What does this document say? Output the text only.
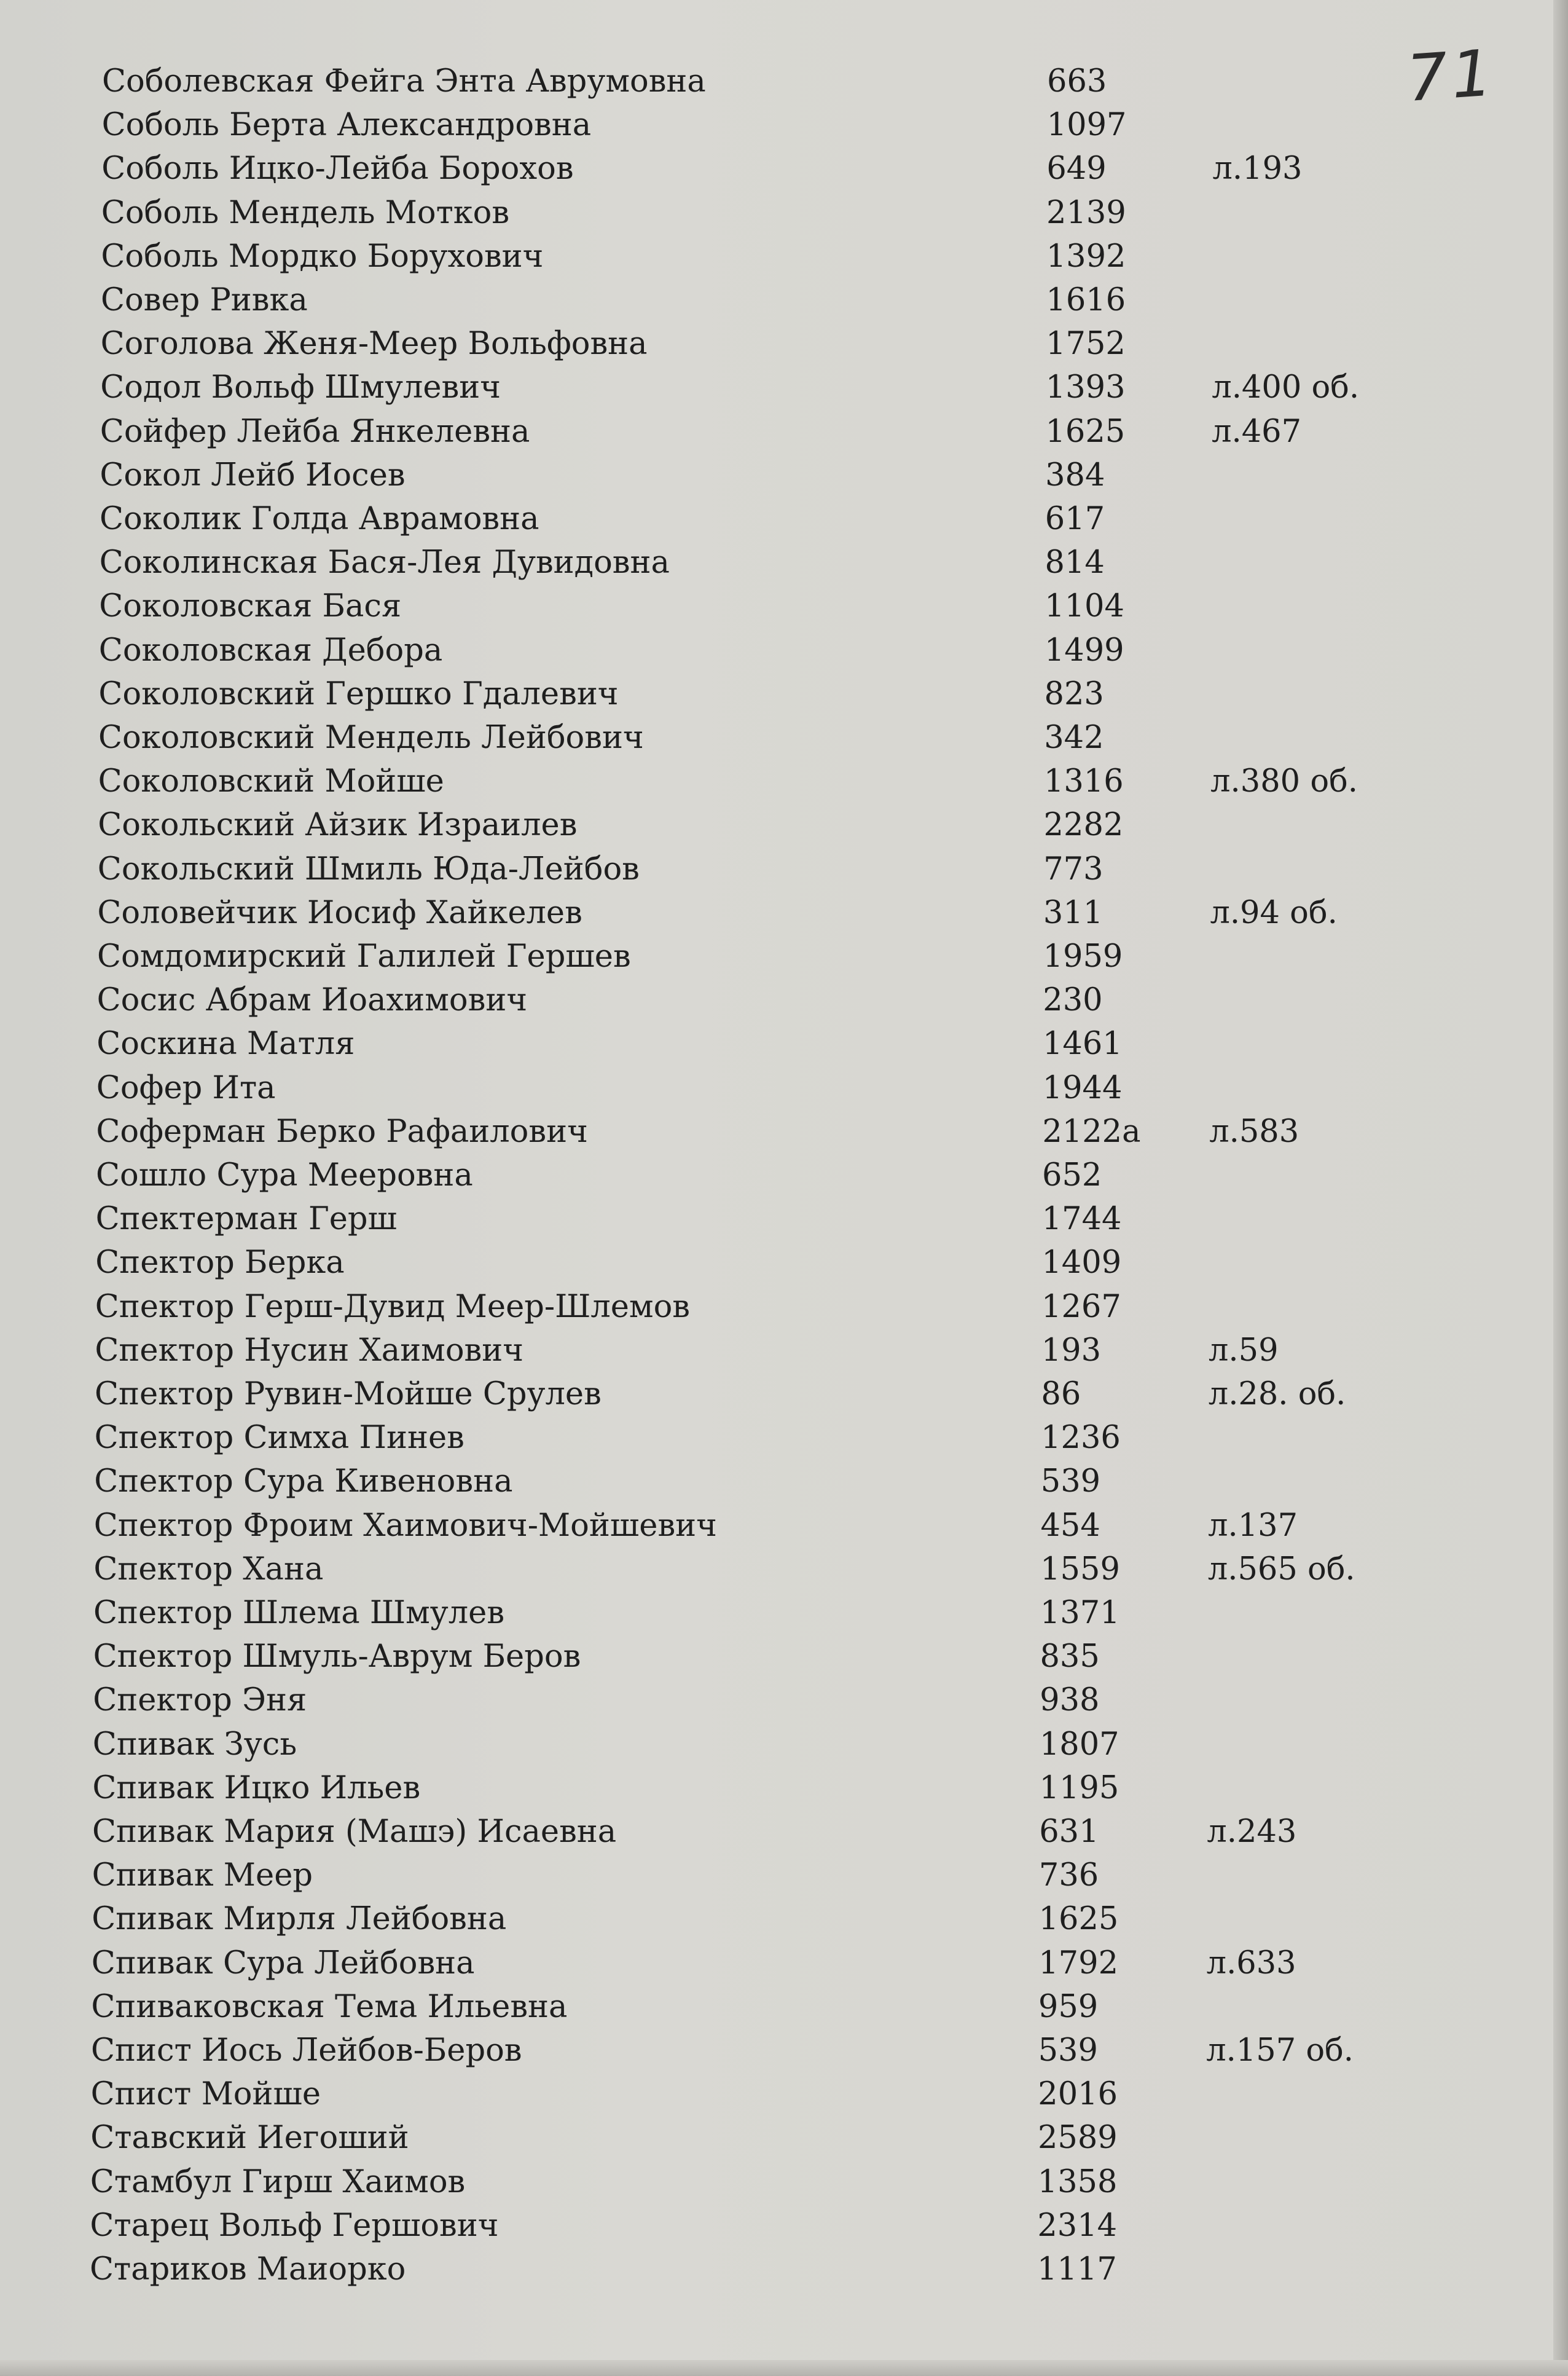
71
Соболевская Фейга Энта Аврумовна	663
Соболь Берта Александровна	1097
Соболь Ицко-Лейба Борохов	649	л.193
Соболь Мендель Мотков	2139
Соболь Мордко Борухович	1392
Совер Ривка	1616
Соголова Женя-Меер Вольфовна	1752
Содол Вольф Шмулевич	1393	л.400 об.
Сойфер Лейба Янкелевна	1625	л.467
Сокол Лейб Иосев	384
Соколик Голда Аврамовна	617
Соколинская Бася-Лея Дувидовна	814
Соколовская Бася	1104
Соколовская Дебора	1499
Соколовский Гершко Гдалевич	823
Соколовский Мендель Лейбович	342
Соколовский Мойше	1316	л.380 об.
Сокольский Айзик Израилев	2282
Сокольский Шмиль Юда-Лейбов	773
Соловейчик Иосиф Хайкелев	311	л.94 об.
Сомдомирский Галилей Гершев	1959
Сосис Абрам Иоахимович	230
Соскина Матля	1461
Софер Ита	1944
Соферман Берко Рафаилович	2122а л.583
Сошло Сура Мееровна	652
Спектерман Герш	1744
Спектор Берка	1409
Спектор Герш-Дувид Меер-Шлемов	1267
Спектор Нусин Хаимович	193	л.59
Спектор Рувин-Мойше Срулев	86	л.28. об.
Спектор Симха Пинев	1236
Спектор Сура Кивеновна	539
Спектор Фроим Хаимович-Мойшевич	454	л.137
Спектор Хана	1559	л.565 об.
Спектор Шлема Шмулев	1371
Спектор Шмуль-Аврум Беров	835
Спектор Эня	938
Спивак Зусь	1807
Спивак Ицко Ильев	1195
Спивак Мария (Машэ) Исаевна	631	л.243
Спивак Меер	736
Спивак Мирля Лейбовна	1625
Спивак Сура Лейбовна	1792	л.633
Спиваковская Тема Ильевна	959
Спист Иось Лейбов-Беров	539	л.157 об.
Спист Мойше	2016
Ставский Иегоший	2589
Стамбул Гирш Хаимов	1358
Старец Вольф Гершович	2314
Стариков Маиорко	1117
